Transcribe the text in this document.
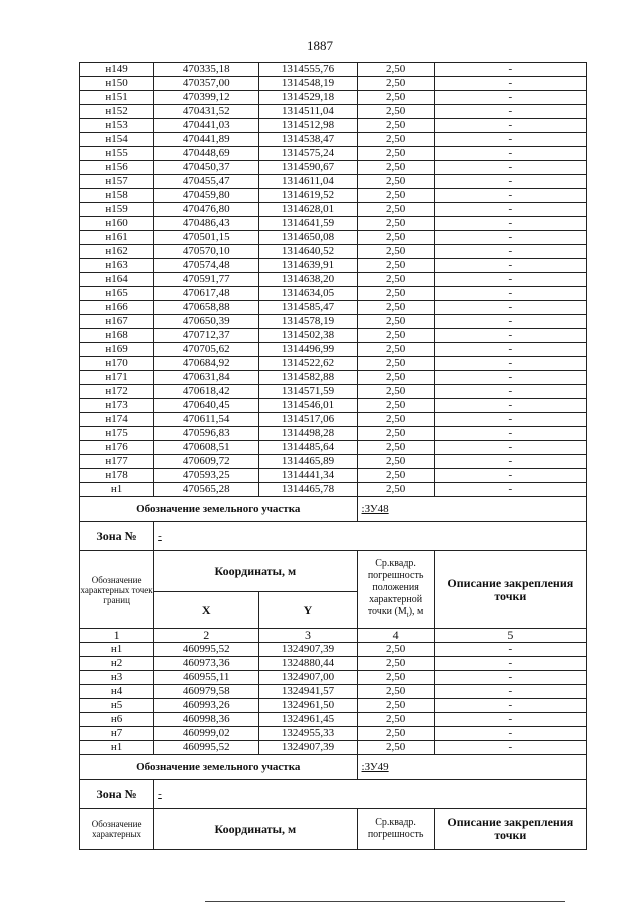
1887
н149	470335,18	1314555,76	2,50	-
н150	470357,00	1314548,19	2,50	-
н151	470399,12	1314529,18	2,50	-
н152	470431,52	1314511,04	2,50	-
н153	470441,03	1314512,98	2,50	-
н154	470441,89	1314538,47	2,50	-
н155	470448,69	1314575,24	2,50	-
н156	470450,37	1314590,67	2,50	-
н157	470455,47	1314611,04	2,50	-
н158	470459,80	1314619,52	2,50	-
н159	470476,80	1314628,01	2,50	-
н160	470486,43	1314641,59	2,50	-
н161	470501,15	1314650,08	2,50	-
н162	470570,10	1314640,52	2,50	-
н163	470574,48	1314639,91	2,50	-
н164	470591,77	1314638,20	2,50	-
н165	470617,48	1314634,05	2,50	-
н166	470658,88	1314585,47	2,50	-
н167	470650,39	1314578,19	2,50	-
н168	470712,37	1314502,38	2,50	-
н169	470705,62	1314496,99	2,50	-
н170	470684,92	1314522,62	2,50	-
н171	470631,84	1314582,88	2,50	-
н172	470618,42	1314571,59	2,50	-
н173	470640,45	1314546,01	2,50	-
н174	470611,54	1314517,06	2,50	-
н175	470596,83	1314498,28	2,50	-
н176	470608,51	1314485,64	2,50	-
н177	470609,72	1314465,89	2,50	-
н178	470593,25	1314441,34	2,50	-
н1	470565,28	1314465,78	2,50	-
Обозначение земельного участка			:ЗУ48	
Зона №	-			
Обозначение характерных точек границ	Координаты, м		Ср.квадр. погрешность положения характерной точки $(M_t)$, м	Описание закрепления точки
	X	Y		
1	2	3	4	5
н1	460995,52	1324907,39	2,50	-
н2	460973,36	1324880,44	2,50	-
н3	460955,11	1324907,00	2,50	-
н4	460979,58	1324941,57	2,50	-
н5	460993,26	1324961,50	2,50	-
н6	460998,36	1324961,45	2,50	-
н7	460999,02	1324955,33	2,50	-
н1	460995,52	1324907,39	2,50	-
Обозначение земельного участка			:ЗУ49	
Зона №	-			
Обозначение характерных	Координаты, м		Ср.квадр. погрешность	Описание закрепления точки
